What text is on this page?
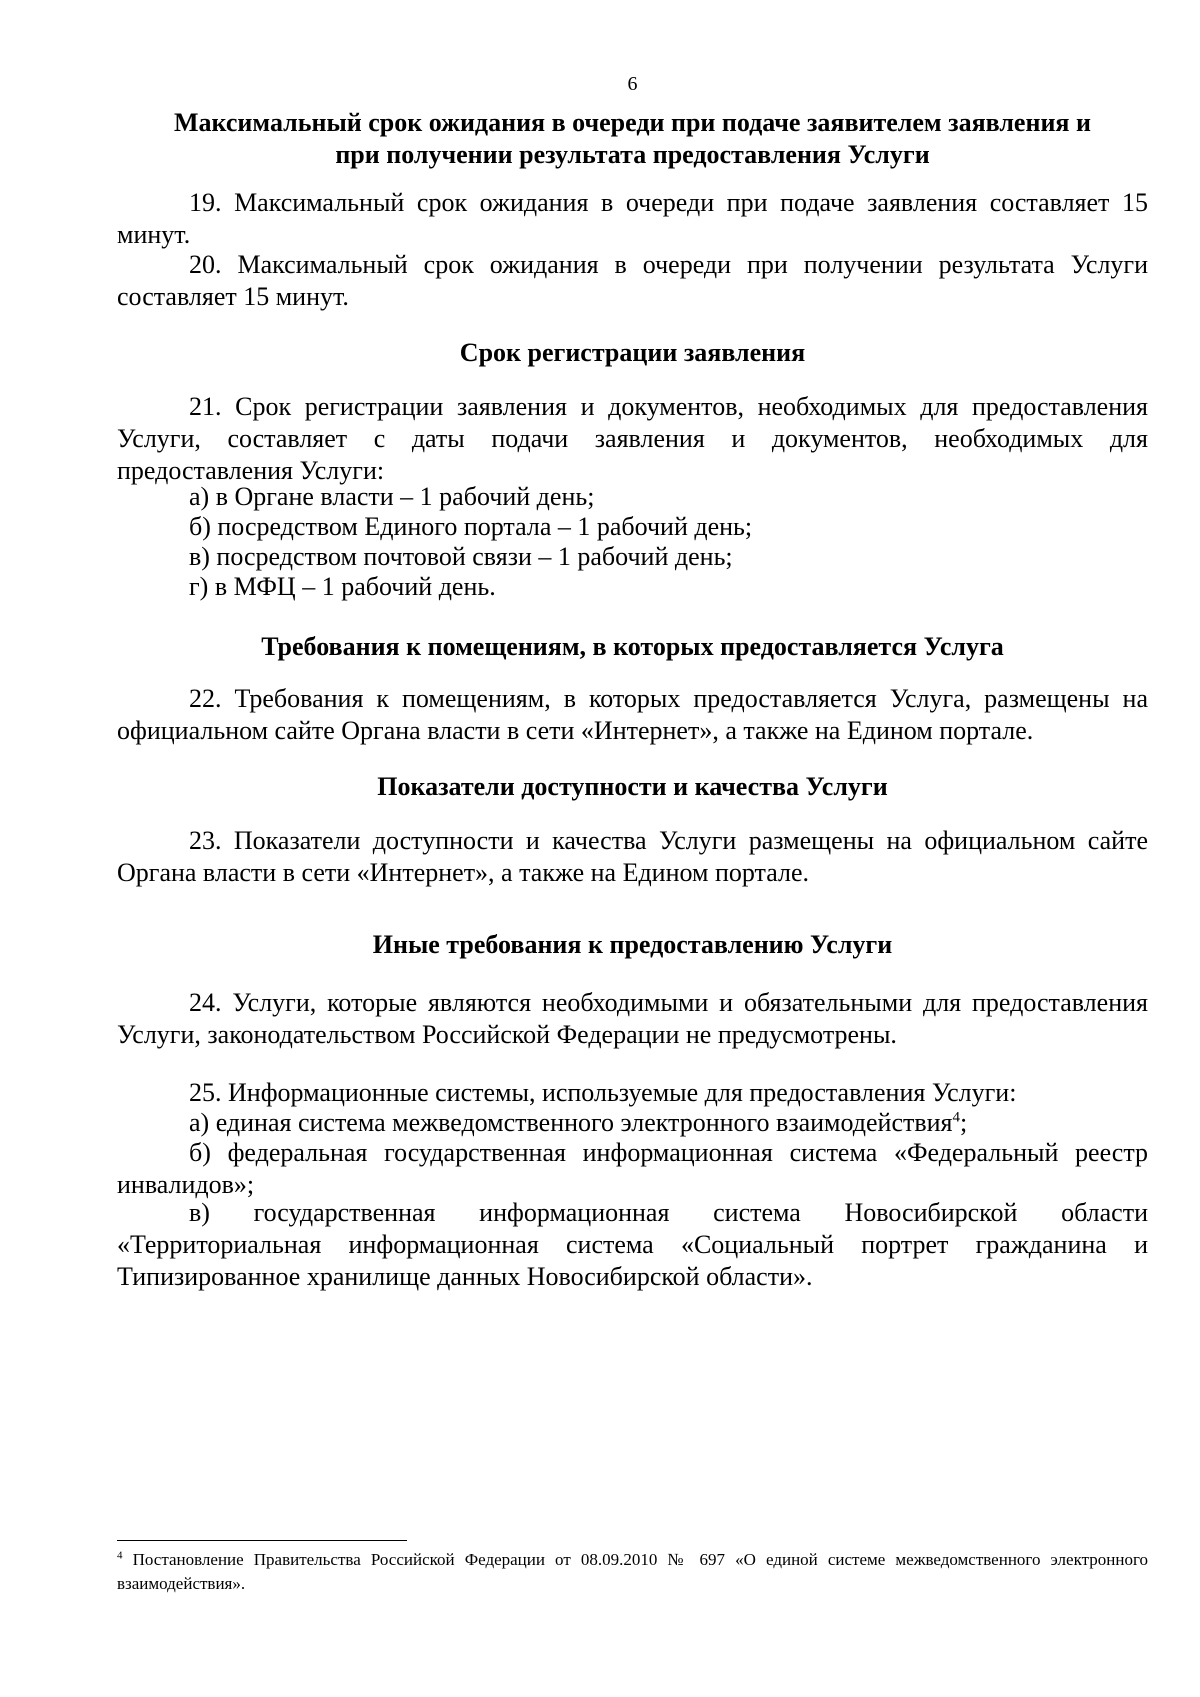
6
Максимальный срок ожидания в очереди при подаче заявителем заявления и
при получении результата предоставления Услуги
19. Максимальный срок ожидания в очереди при подаче заявления составляет 15 минут.
20. Максимальный срок ожидания в очереди при получении результата Услуги составляет 15 минут.
Срок регистрации заявления
21. Срок регистрации заявления и документов, необходимых для предоставления Услуги, составляет с даты подачи заявления и документов, необходимых для предоставления Услуги:
а) в Органе власти – 1 рабочий день;
б) посредством Единого портала – 1 рабочий день;
в) посредством почтовой связи – 1 рабочий день;
г) в МФЦ – 1 рабочий день.
Требования к помещениям, в которых предоставляется Услуга
22. Требования к помещениям, в которых предоставляется Услуга, размещены на официальном сайте Органа власти в сети «Интернет», а также на Едином портале.
Показатели доступности и качества Услуги
23. Показатели доступности и качества Услуги размещены на официальном сайте Органа власти в сети «Интернет», а также на Едином портале.
Иные требования к предоставлению Услуги
24. Услуги, которые являются необходимыми и обязательными для предоставления Услуги, законодательством Российской Федерации не предусмотрены.
25. Информационные системы, используемые для предоставления Услуги:
а) единая система межведомственного электронного взаимодействия$^4$;
б) федеральная государственная информационная система «Федеральный реестр инвалидов»;
в) государственная информационная система Новосибирской области «Территориальная информационная система «Социальный портрет гражданина и Типизированное хранилище данных Новосибирской области».
$^4$ Постановление Правительства Российской Федерации от 08.09.2010 № 697 «О единой системе межведомственного электронного взаимодействия».
